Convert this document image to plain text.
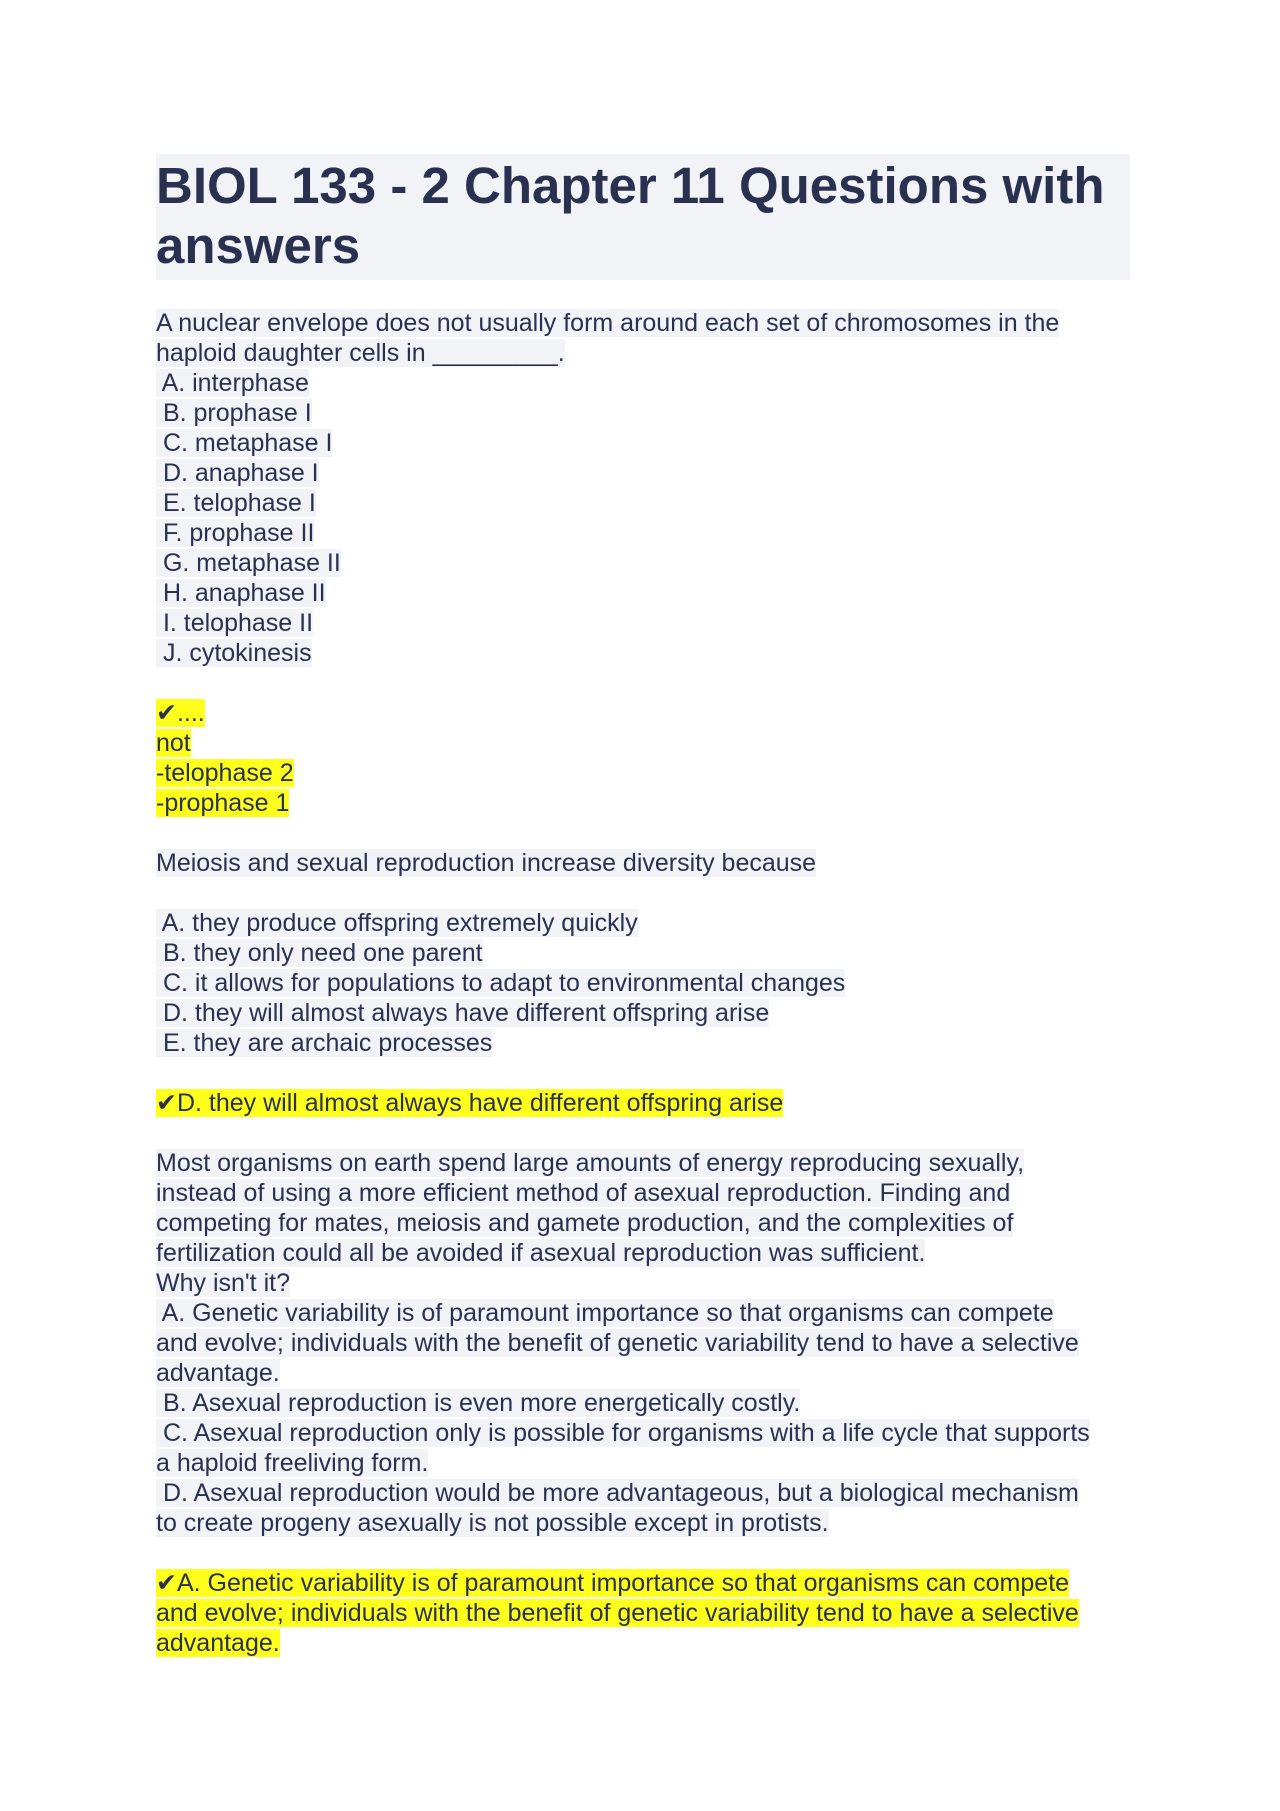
BIOL 133 - 2 Chapter 11 Questions with answers

A nuclear envelope does not usually form around each set of chromosomes in the
haploid daughter cells in _________.

A. interphase
B. prophase I
C. metaphase I
D. anaphase I
E. telophase I
F. prophase II
G. metaphase II
H. anaphase II
I. telophase II
J. cytokinesis

✔....
not
-telophase 2
-prophase 1

Meiosis and sexual reproduction increase diversity because

A. they produce offspring extremely quickly
B. they only need one parent
C. it allows for populations to adapt to environmental changes
D. they will almost always have different offspring arise
E. they are archaic processes

✔D. they will almost always have different offspring arise

Most organisms on earth spend large amounts of energy reproducing sexually,
instead of using a more efficient method of asexual reproduction. Finding and
competing for mates, meiosis and gamete production, and the complexities of
fertilization could all be avoided if asexual reproduction was sufficient.
Why isn't it?

A. Genetic variability is of paramount importance so that organisms can compete
and evolve; individuals with the benefit of genetic variability tend to have a selective
advantage.
B. Asexual reproduction is even more energetically costly.
C. Asexual reproduction only is possible for organisms with a life cycle that supports
a haploid freeliving form.
D. Asexual reproduction would be more advantageous, but a biological mechanism
to create progeny asexually is not possible except in protists.

✔A. Genetic variability is of paramount importance so that organisms can compete
and evolve; individuals with the benefit of genetic variability tend to have a selective
advantage.
